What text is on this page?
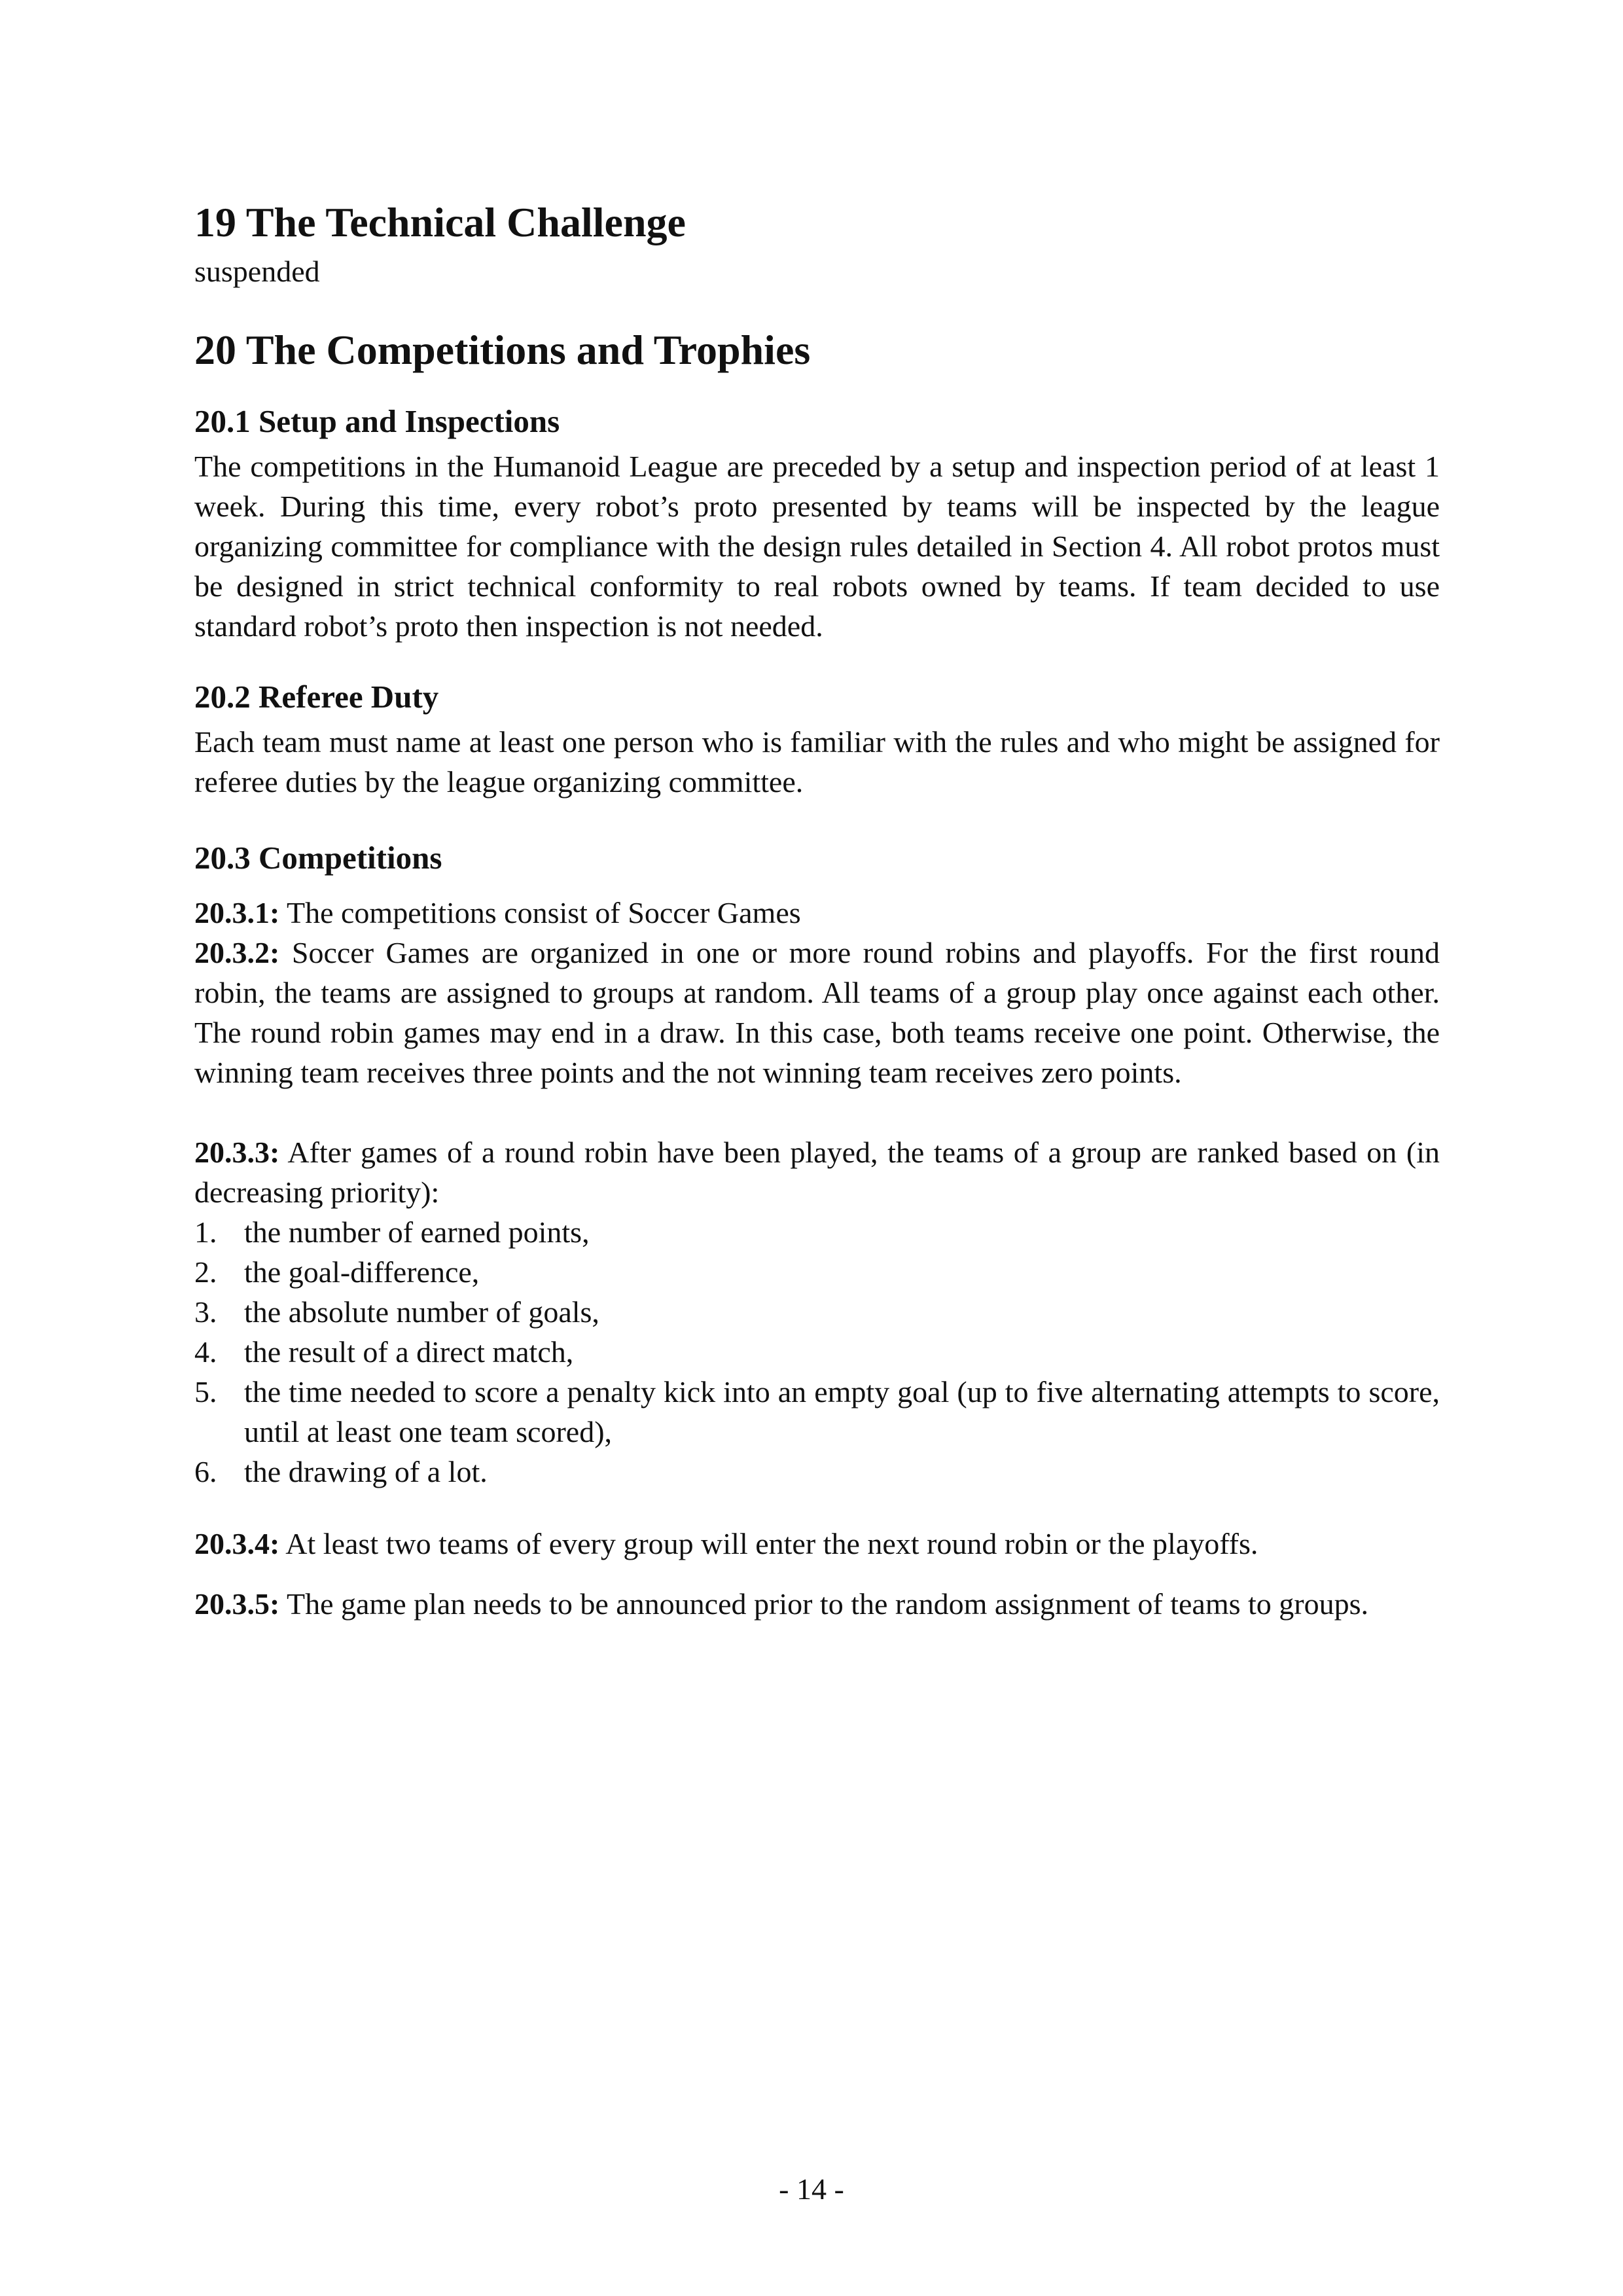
19 The Technical Challenge

suspended

20 The Competitions and Trophies
20.1 Setup and Inspections

The competitions in the Humanoid League are preceded by a setup and inspection period of at least 1 week. During this time, every robot’s proto presented by teams will be inspected by the league organizing committee for compliance with the design rules detailed in Section 4. All robot protos must be designed in strict technical conformity to real robots owned by teams. If team decided to use standard robot’s proto then inspection is not needed.

20.2 Referee Duty

Each team must name at least one person who is familiar with the rules and who might be assigned for referee duties by the league organizing committee.

20.3 Competitions

20.3.1: The competitions consist of Soccer Games

20.3.2: Soccer Games are organized in one or more round robins and playoffs. For the first round robin, the teams are assigned to groups at random. All teams of a group play once against each other. The round robin games may end in a draw. In this case, both teams receive one point. Otherwise, the winning team receives three points and the not winning team receives zero points.

20.3.3: After games of a round robin have been played, the teams of a group are ranked based on (in decreasing priority):

1. the number of earned points,
2. the goal-difference,
3. the absolute number of goals,
4. the result of a direct match,
5. the time needed to score a penalty kick into an empty goal (up to five alternating attempts to score, until at least one team scored),
6. the drawing of a lot.

20.3.4: At least two teams of every group will enter the next round robin or the playoffs.

20.3.5: The game plan needs to be announced prior to the random assignment of teams to groups.

- 14 -
